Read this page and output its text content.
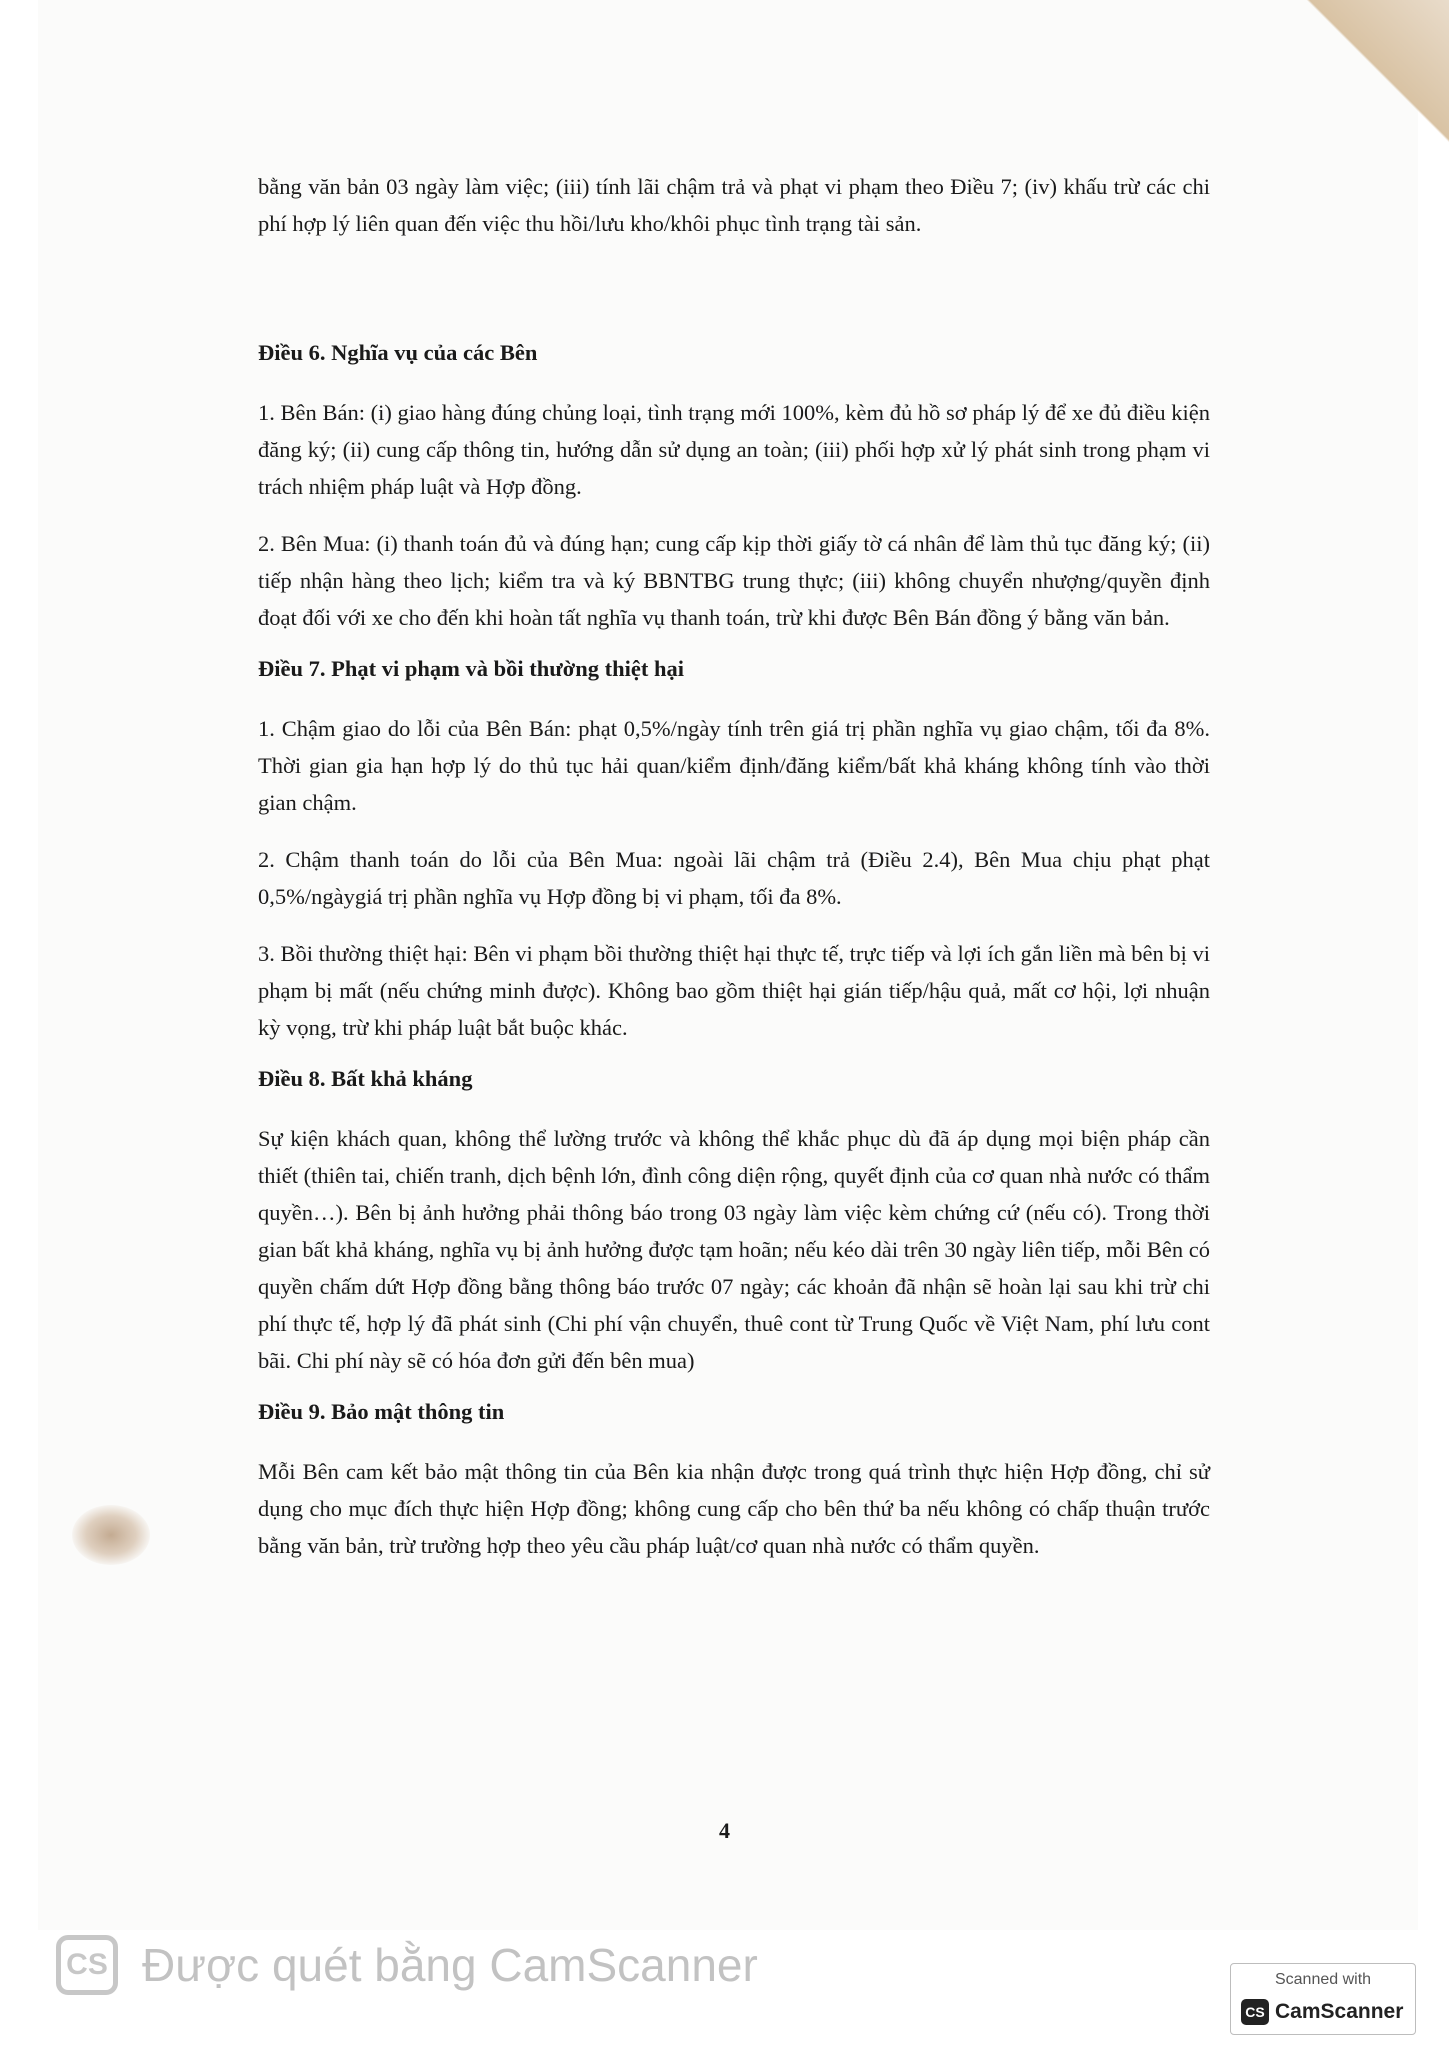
bằng văn bản 03 ngày làm việc; (iii) tính lãi chậm trả và phạt vi phạm theo Điều 7; (iv) khấu trừ các chi phí hợp lý liên quan đến việc thu hồi/lưu kho/khôi phục tình trạng tài sản.

Điều 6. Nghĩa vụ của các Bên

1. Bên Bán: (i) giao hàng đúng chủng loại, tình trạng mới 100%, kèm đủ hồ sơ pháp lý để xe đủ điều kiện đăng ký; (ii) cung cấp thông tin, hướng dẫn sử dụng an toàn; (iii) phối hợp xử lý phát sinh trong phạm vi trách nhiệm pháp luật và Hợp đồng.

2. Bên Mua: (i) thanh toán đủ và đúng hạn; cung cấp kịp thời giấy tờ cá nhân để làm thủ tục đăng ký; (ii) tiếp nhận hàng theo lịch; kiểm tra và ký BBNTBG trung thực; (iii) không chuyển nhượng/quyền định đoạt đối với xe cho đến khi hoàn tất nghĩa vụ thanh toán, trừ khi được Bên Bán đồng ý bằng văn bản.

Điều 7. Phạt vi phạm và bồi thường thiệt hại

1. Chậm giao do lỗi của Bên Bán: phạt 0,5%/ngày tính trên giá trị phần nghĩa vụ giao chậm, tối đa 8%. Thời gian gia hạn hợp lý do thủ tục hải quan/kiểm định/đăng kiểm/bất khả kháng không tính vào thời gian chậm.

2. Chậm thanh toán do lỗi của Bên Mua: ngoài lãi chậm trả (Điều 2.4), Bên Mua chịu phạt phạt 0,5%/ngàygiá trị phần nghĩa vụ Hợp đồng bị vi phạm, tối đa 8%.

3. Bồi thường thiệt hại: Bên vi phạm bồi thường thiệt hại thực tế, trực tiếp và lợi ích gắn liền mà bên bị vi phạm bị mất (nếu chứng minh được). Không bao gồm thiệt hại gián tiếp/hậu quả, mất cơ hội, lợi nhuận kỳ vọng, trừ khi pháp luật bắt buộc khác.

Điều 8. Bất khả kháng

Sự kiện khách quan, không thể lường trước và không thể khắc phục dù đã áp dụng mọi biện pháp cần thiết (thiên tai, chiến tranh, dịch bệnh lớn, đình công diện rộng, quyết định của cơ quan nhà nước có thẩm quyền…). Bên bị ảnh hưởng phải thông báo trong 03 ngày làm việc kèm chứng cứ (nếu có). Trong thời gian bất khả kháng, nghĩa vụ bị ảnh hưởng được tạm hoãn; nếu kéo dài trên 30 ngày liên tiếp, mỗi Bên có quyền chấm dứt Hợp đồng bằng thông báo trước 07 ngày; các khoản đã nhận sẽ hoàn lại sau khi trừ chi phí thực tế, hợp lý đã phát sinh (Chi phí vận chuyển, thuê cont từ Trung Quốc về Việt Nam, phí lưu cont bãi. Chi phí này sẽ có hóa đơn gửi đến bên mua)

Điều 9. Bảo mật thông tin

Mỗi Bên cam kết bảo mật thông tin của Bên kia nhận được trong quá trình thực hiện Hợp đồng, chỉ sử dụng cho mục đích thực hiện Hợp đồng; không cung cấp cho bên thứ ba nếu không có chấp thuận trước bằng văn bản, trừ trường hợp theo yêu cầu pháp luật/cơ quan nhà nước có thẩm quyền.

4
CS Được quét bằng CamScanner	Scanned with
CS CamScanner
